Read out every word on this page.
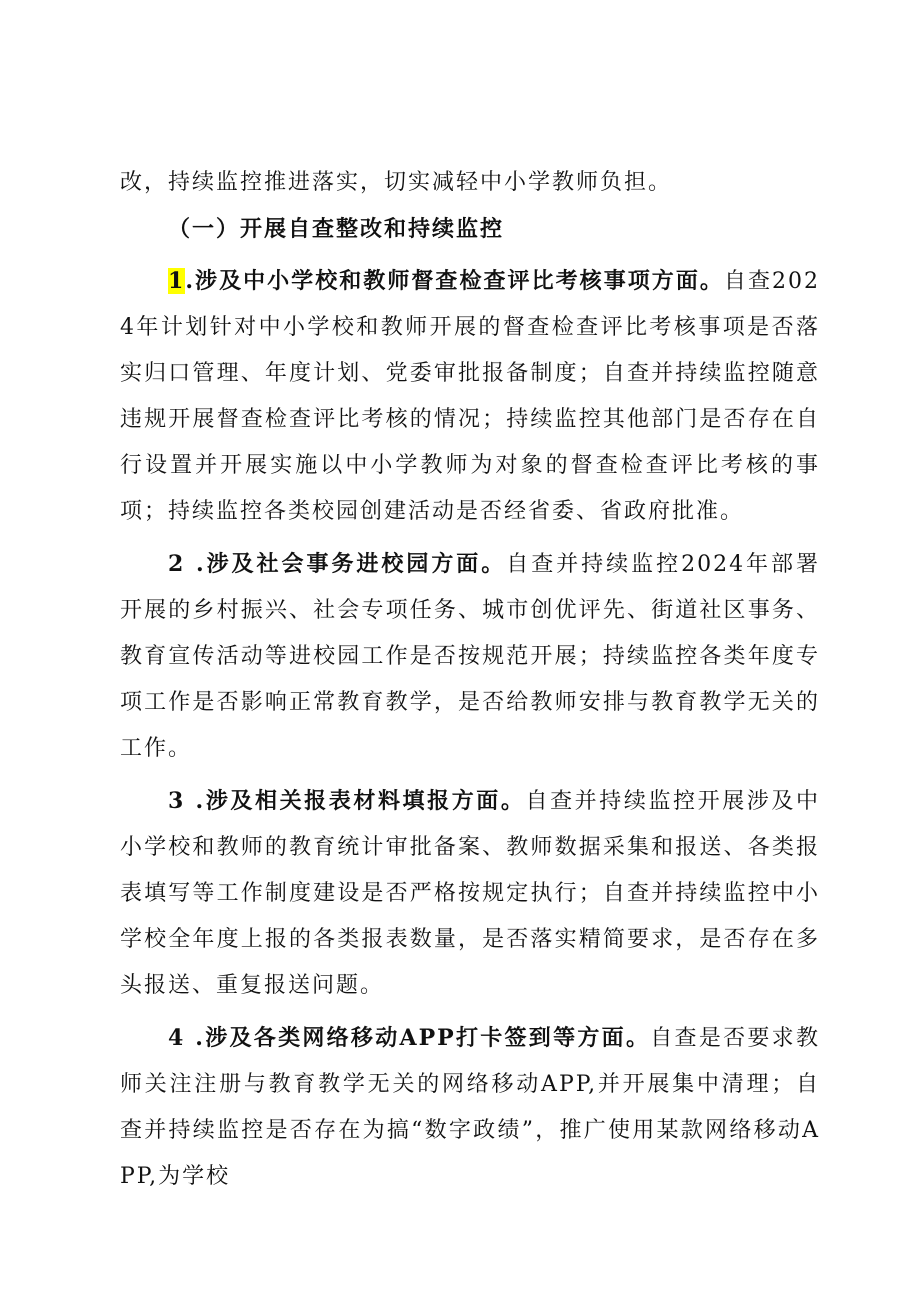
改，持续监控推进落实，切实减轻中小学教师负担。

（一）开展自查整改和持续监控

1.涉及中小学校和教师督查检查评比考核事项方面。自查2024年计划针对中小学校和教师开展的督查检查评比考核事项是否落实归口管理、年度计划、党委审批报备制度；自查并持续监控随意违规开展督查检查评比考核的情况；持续监控其他部门是否存在自行设置并开展实施以中小学教师为对象的督查检查评比考核的事项；持续监控各类校园创建活动是否经省委、省政府批准。

2 .涉及社会事务进校园方面。自查并持续监控2024年部署开展的乡村振兴、社会专项任务、城市创优评先、街道社区事务、教育宣传活动等进校园工作是否按规范开展；持续监控各类年度专项工作是否影响正常教育教学，是否给教师安排与教育教学无关的工作。

3 .涉及相关报表材料填报方面。自查并持续监控开展涉及中小学校和教师的教育统计审批备案、教师数据采集和报送、各类报表填写等工作制度建设是否严格按规定执行；自查并持续监控中小学校全年度上报的各类报表数量，是否落实精简要求，是否存在多头报送、重复报送问题。

4 .涉及各类网络移动APP打卡签到等方面。自查是否要求教师关注注册与教育教学无关的网络移动APP,并开展集中清理；自查并持续监控是否存在为搞“数字政绩”，推广使用某款网络移动APP,为学校
